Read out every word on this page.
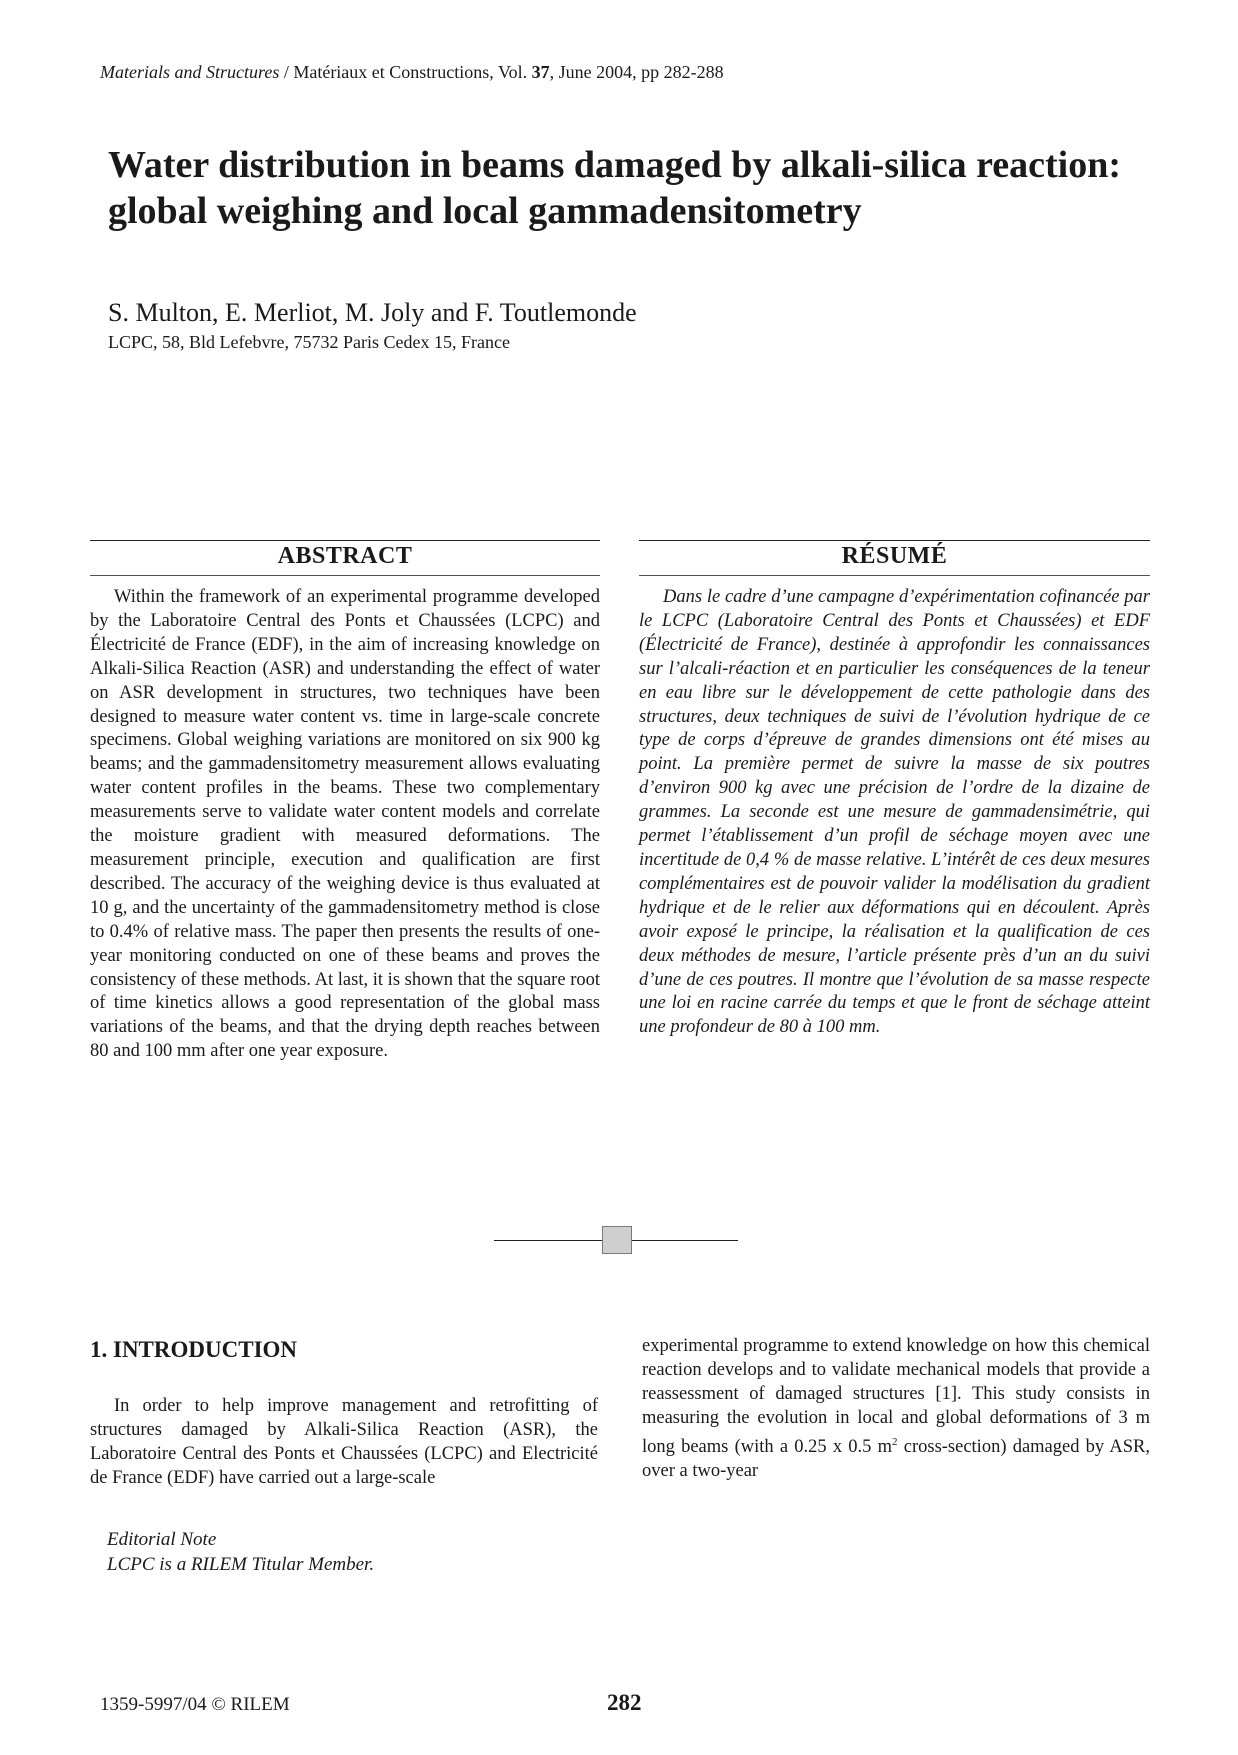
Materials and Structures / Matériaux et Constructions, Vol. 37, June 2004, pp 282-288
Water distribution in beams damaged by alkali-silica reaction: global weighing and local gammadensitometry
S. Multon, E. Merliot, M. Joly and F. Toutlemonde
LCPC, 58, Bld Lefebvre, 75732 Paris Cedex 15, France
ABSTRACT

Within the framework of an experimental programme developed by the Laboratoire Central des Ponts et Chaussées (LCPC) and Électricité de France (EDF), in the aim of increasing knowledge on Alkali-Silica Reaction (ASR) and understanding the effect of water on ASR development in structures, two techniques have been designed to measure water content vs. time in large-scale concrete specimens. Global weighing variations are monitored on six 900 kg beams; and the gammadensitometry measurement allows evaluating water content profiles in the beams. These two complementary measurements serve to validate water content models and correlate the moisture gradient with measured deformations. The measurement principle, execution and qualification are first described. The accuracy of the weighing device is thus evaluated at 10 g, and the uncertainty of the gammadensitometry method is close to 0.4% of relative mass. The paper then presents the results of one-year monitoring conducted on one of these beams and proves the consistency of these methods. At last, it is shown that the square root of time kinetics allows a good representation of the global mass variations of the beams, and that the drying depth reaches between 80 and 100 mm after one year exposure.

RÉSUMÉ

Dans le cadre d’une campagne d’expérimentation cofinancée par le LCPC (Laboratoire Central des Ponts et Chaussées) et EDF (Électricité de France), destinée à approfondir les connaissances sur l’alcali-réaction et en particulier les conséquences de la teneur en eau libre sur le développement de cette pathologie dans des structures, deux techniques de suivi de l’évolution hydrique de ce type de corps d’épreuve de grandes dimensions ont été mises au point. La première permet de suivre la masse de six poutres d’environ 900 kg avec une précision de l’ordre de la dizaine de grammes. La seconde est une mesure de gammadensimétrie, qui permet l’établissement d’un profil de séchage moyen avec une incertitude de 0,4 % de masse relative. L’intérêt de ces deux mesures complémentaires est de pouvoir valider la modélisation du gradient hydrique et de le relier aux déformations qui en découlent. Après avoir exposé le principe, la réalisation et la qualification de ces deux méthodes de mesure, l’article présente près d’un an du suivi d’une de ces poutres. Il montre que l’évolution de sa masse respecte une loi en racine carrée du temps et que le front de séchage atteint une profondeur de 80 à 100 mm.

1. INTRODUCTION

In order to help improve management and retrofitting of structures damaged by Alkali-Silica Reaction (ASR), the Laboratoire Central des Ponts et Chaussées (LCPC) and Electricité de France (EDF) have carried out a large-scale

experimental programme to extend knowledge on how this chemical reaction develops and to validate mechanical models that provide a reassessment of damaged structures [1]. This study consists in measuring the evolution in local and global deformations of 3 m long beams (with a 0.25 x 0.5 $m^2$ cross-section) damaged by ASR, over a two-year

Editorial Note
LCPC is a RILEM Titular Member.
1359-5997/04 © RILEM	282
